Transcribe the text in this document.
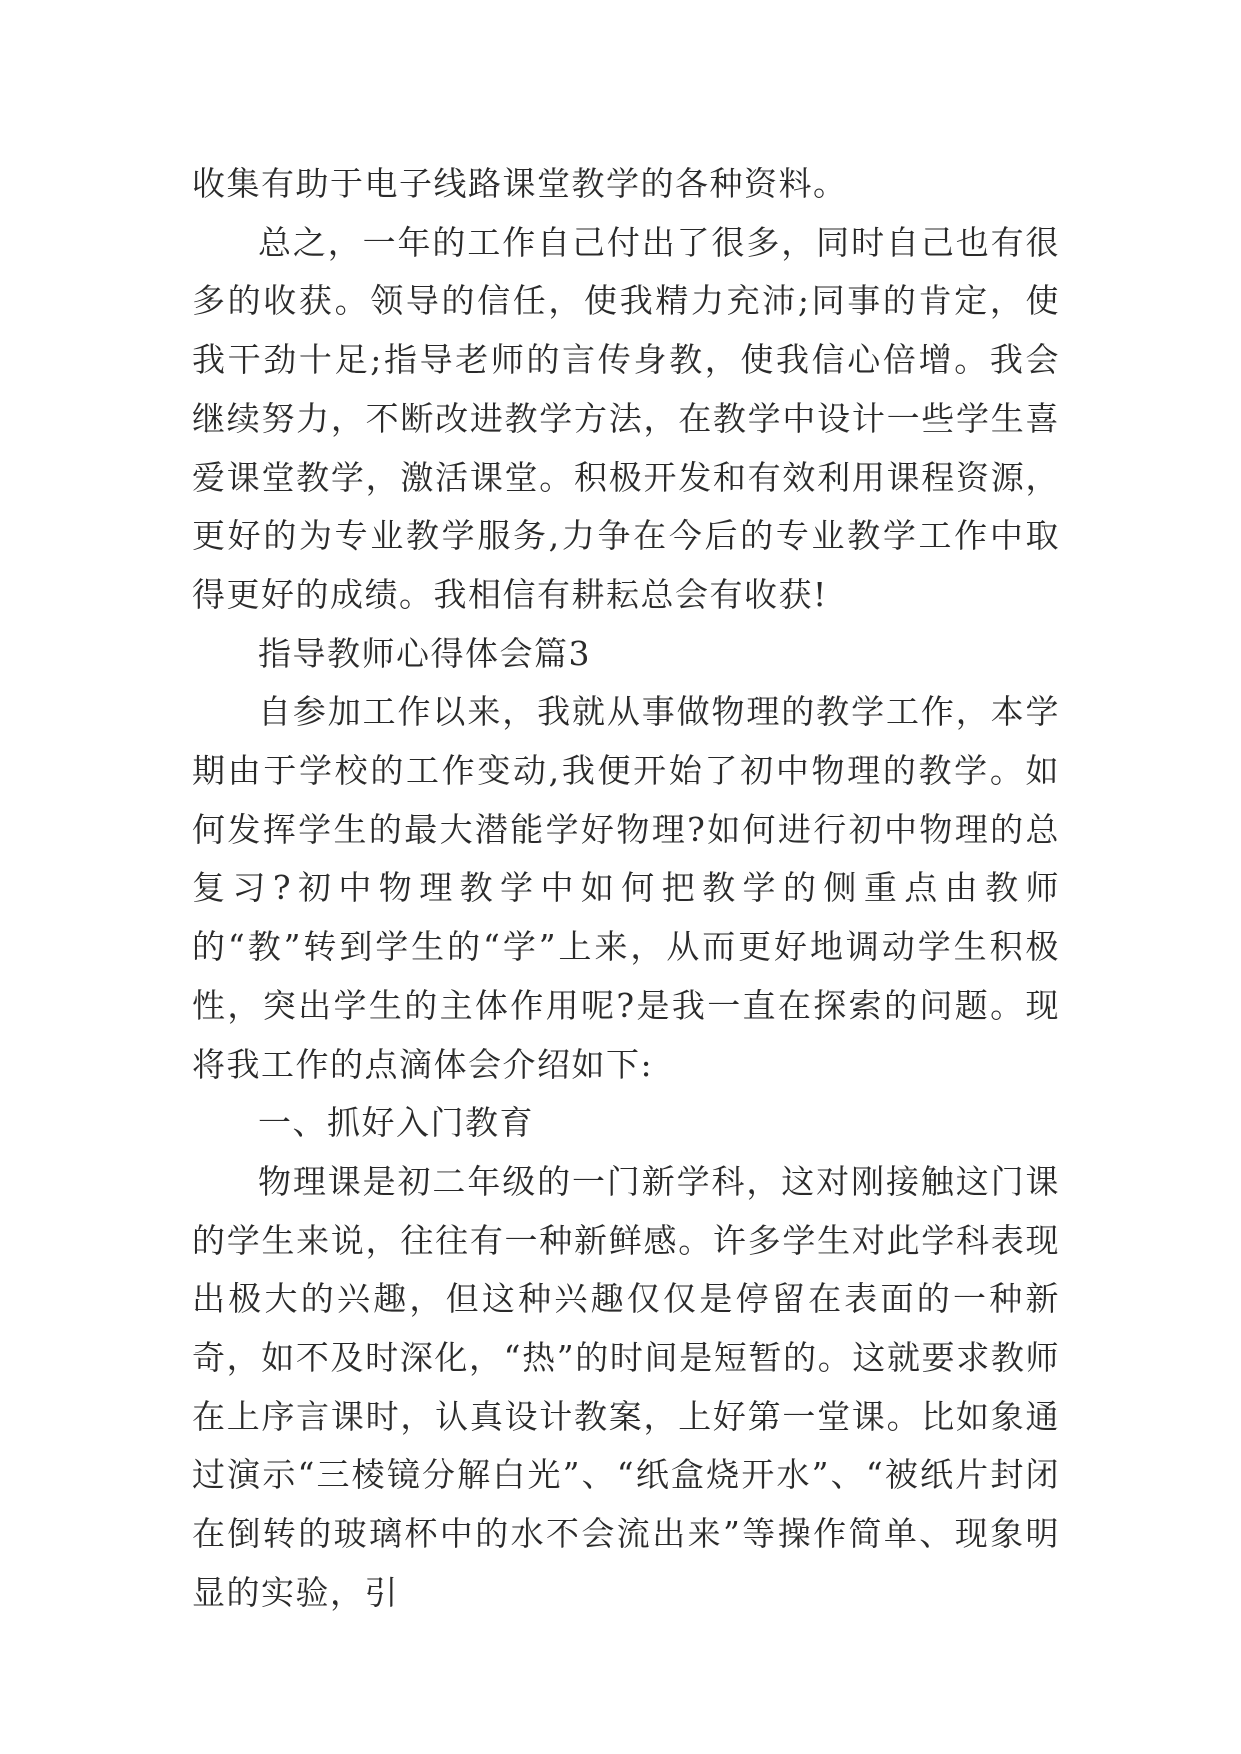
收集有助于电子线路课堂教学的各种资料。

总之，一年的工作自己付出了很多，同时自己也有很多的收获。领导的信任，使我精力充沛;同事的肯定，使我干劲十足;指导老师的言传身教，使我信心倍增。我会继续努力，不断改进教学方法，在教学中设计一些学生喜爱课堂教学，激活课堂。积极开发和有效利用课程资源，更好的为专业教学服务,力争在今后的专业教学工作中取得更好的成绩。我相信有耕耘总会有收获!

指导教师心得体会篇3

自参加工作以来，我就从事做物理的教学工作，本学期由于学校的工作变动,我便开始了初中物理的教学。如何发挥学生的最大潜能学好物理?如何进行初中物理的总复习?初中物理教学中如何把教学的侧重点由教师的“教”转到学生的“学”上来，从而更好地调动学生积极性，突出学生的主体作用呢?是我一直在探索的问题。现将我工作的点滴体会介绍如下:

一、抓好入门教育

物理课是初二年级的一门新学科，这对刚接触这门课的学生来说，往往有一种新鲜感。许多学生对此学科表现出极大的兴趣，但这种兴趣仅仅是停留在表面的一种新奇，如不及时深化，“热”的时间是短暂的。这就要求教师在上序言课时，认真设计教案，上好第一堂课。比如象通过演示“三棱镜分解白光”、“纸盒烧开水”、“被纸片封闭在倒转的玻璃杯中的水不会流出来”等操作简单、现象明显的实验，引
